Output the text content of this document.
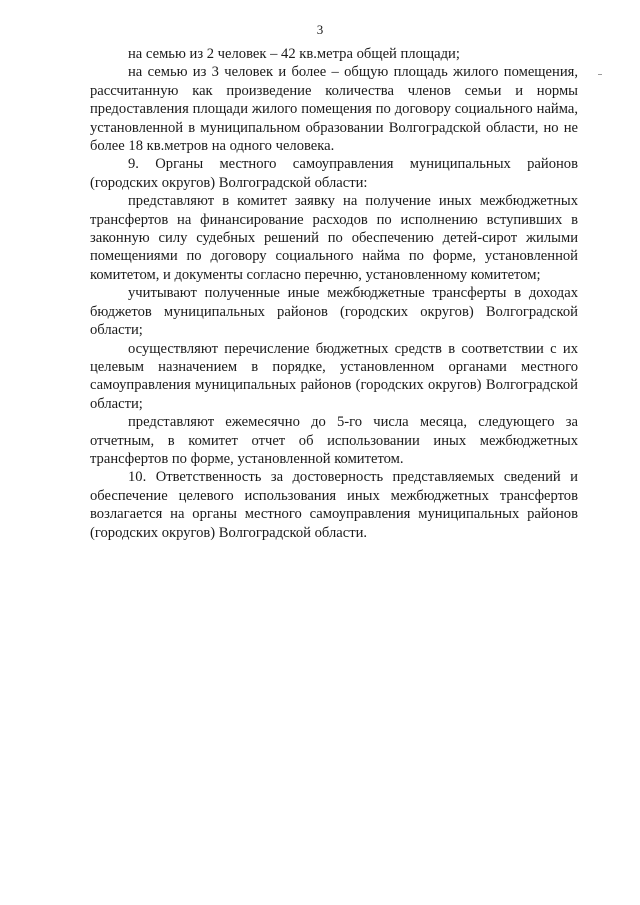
3

на семью из 2 человек – 42 кв.метра общей площади;

на семью из 3 человек и более – общую площадь жилого помещения, рассчитанную как произведение количества членов семьи и нормы предоставления площади жилого помещения по договору социального найма, установленной в муниципальном образовании Волгоградской области, но не более 18 кв.метров на одного человека.

9. Органы местного самоуправления муниципальных районов (городских округов) Волгоградской области:

представляют в комитет заявку на получение иных межбюджетных трансфертов на финансирование расходов по исполнению вступивших в законную силу судебных решений по обеспечению детей-сирот жилыми помещениями по договору социального найма по форме, установленной комитетом, и документы согласно перечню, установленному комитетом;

учитывают полученные иные межбюджетные трансферты в доходах бюджетов муниципальных районов (городских округов) Волгоградской области;

осуществляют перечисление бюджетных средств в соответствии с их целевым назначением в порядке, установленном органами местного самоуправления муниципальных районов (городских округов) Волгоградской области;

представляют ежемесячно до 5-го числа месяца, следующего за отчетным, в комитет отчет об использовании иных межбюджетных трансфертов по форме, установленной комитетом.

10. Ответственность за достоверность представляемых сведений и обеспечение целевого использования иных межбюджетных трансфертов возлагается на органы местного самоуправления муниципальных районов (городских округов) Волгоградской области.
